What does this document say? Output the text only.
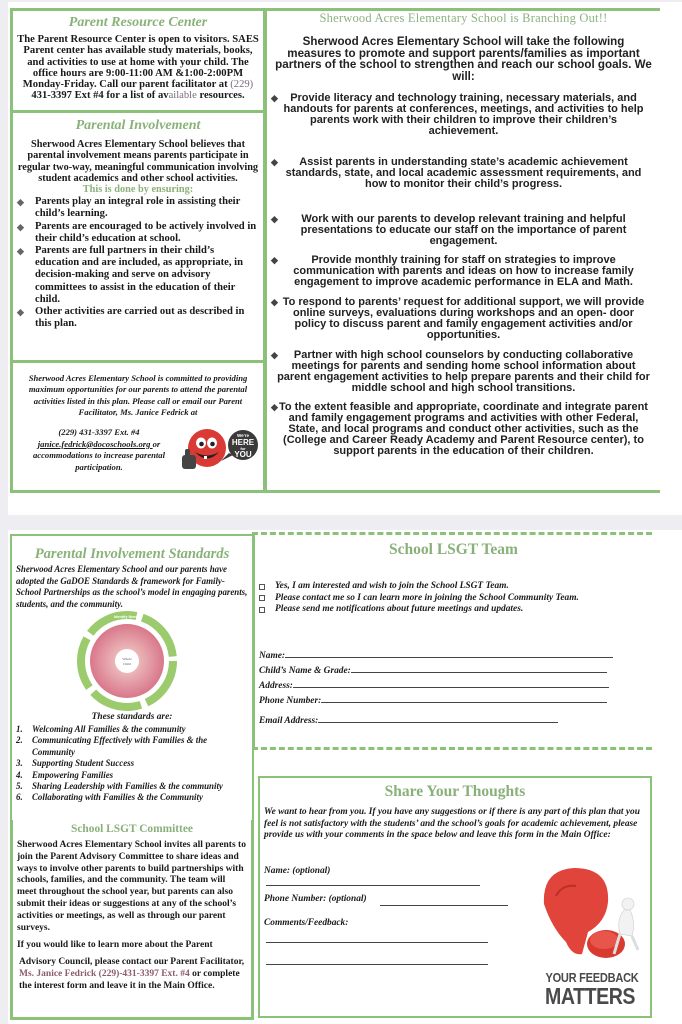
Parent Resource Center
The Parent Resource Center is open to visitors. SAES Parent center has available study materials, books, and activities to use at home with your child. The office hours are 9:00-11:00 AM &1:00-2:00PM Monday-Friday. Call our parent facilitator at (229) 431-3397 Ext #4 for a list of available resources.
Parental Involvement
Sherwood Acres Elementary School believes that parental involvement means parents participate in regular two-way, meaningful communication involving student academics and other school activities.
This is done by ensuring:
◆ Parents play an integral role in assisting their child’s learning.
◆ Parents are encouraged to be actively involved in their child’s education at school.
◆ Parents are full partners in their child’s education and are included, as appropriate, in decision-making and serve on advisory committees to assist in the education of their child.
◆ Other activities are carried out as described in this plan.
Sherwood Acres Elementary School is committed to providing maximum opportunities for our parents to attend the parental activities listed in this plan. Please call or email our Parent Facilitator, Ms. Janice Fedrick at
(229) 431-3397 Ext. #4
janice.fedrick@docoschools.org or accommodations to increase parental participation.
We're
HERE
for
YOU
Sherwood Acres Elementary School is Branching Out!!
Sherwood Acres Elementary School will take the following measures to promote and support parents/families as important partners of the school to strengthen and reach our school goals. We will:
◆ Provide literacy and technology training, necessary materials, and handouts for parents at conferences, meetings, and activities to help parents work with their children to improve their children’s achievement.
◆ Assist parents in understanding state’s academic achievement standards, state, and local academic assessment requirements, and how to monitor their child’s progress.
◆ Work with our parents to develop relevant training and helpful presentations to educate our staff on the importance of parent engagement.
◆	Provide monthly training for staff on strategies to improve communication with parents and ideas on how to increase family engagement to improve academic performance in ELA and Math.
◆ To respond to parents’ request for additional support, we will provide online surveys, evaluations during workshops and an open- door policy to discuss parent and family engagement activities and/or opportunities.
◆ Partner with high school counselors by conducting collaborative meetings for parents and sending home school information about parent engagement activities to help prepare parents and their child for middle school and high school transitions.
◆ To the extent feasible and appropriate, coordinate and integrate parent and family engagement programs and activities with other Federal, State, and local programs and conduct other activities, such as the (College and Career Ready Academy and Parent Resource center), to support parents in the education of their children.
Parental Involvement Standards
Sherwood Acres Elementary School and our parents have adopted the GaDOE Standards & framework for Family-School Partnerships as the school’s model in engaging parents, students, and the community.
Whole
Child
Identify Needs
These standards are:
1. Welcoming All Families & the community
2. Communicating Effectively with Families & the Community
3. Supporting Student Success
4. Empowering Families
5. Sharing Leadership with Families & the community
6. Collaborating with Families & the Community
School LSGT Committee

Sherwood Acres Elementary School invites all parents to join the Parent Advisory Committee to share ideas and ways to involve other parents to build partnerships with schools, families, and the community. The team will meet throughout the school year, but parents can also submit their ideas or suggestions at any of the school’s activities or meetings, as well as through our parent surveys.

If you would like to learn more about the Parent

Advisory Council, please contact our Parent Facilitator, Ms. Janice Fedrick (229)-431-3397 Ext. #4 or complete the interest form and leave it in the Main Office.

School LSGT Team
Yes, I am interested and wish to join the School LSGT Team.
Please contact me so I can learn more in joining the School Community Team.
Please send me notifications about future meetings and updates.
Name:
Child’s Name & Grade:
Address:
Phone Number:
Email Address:
Share Your Thoughts
We want to hear from you. If you have any suggestions or if there is any part of this plan that you feel is not satisfactory with the students’ and the school’s goals for academic achievement, please provide us with your comments in the space below and leave this form in the Main Office:
Name: (optional)
Phone Number: (optional)
Comments/Feedback:
YOUR FEEDBACK
MATTERS
